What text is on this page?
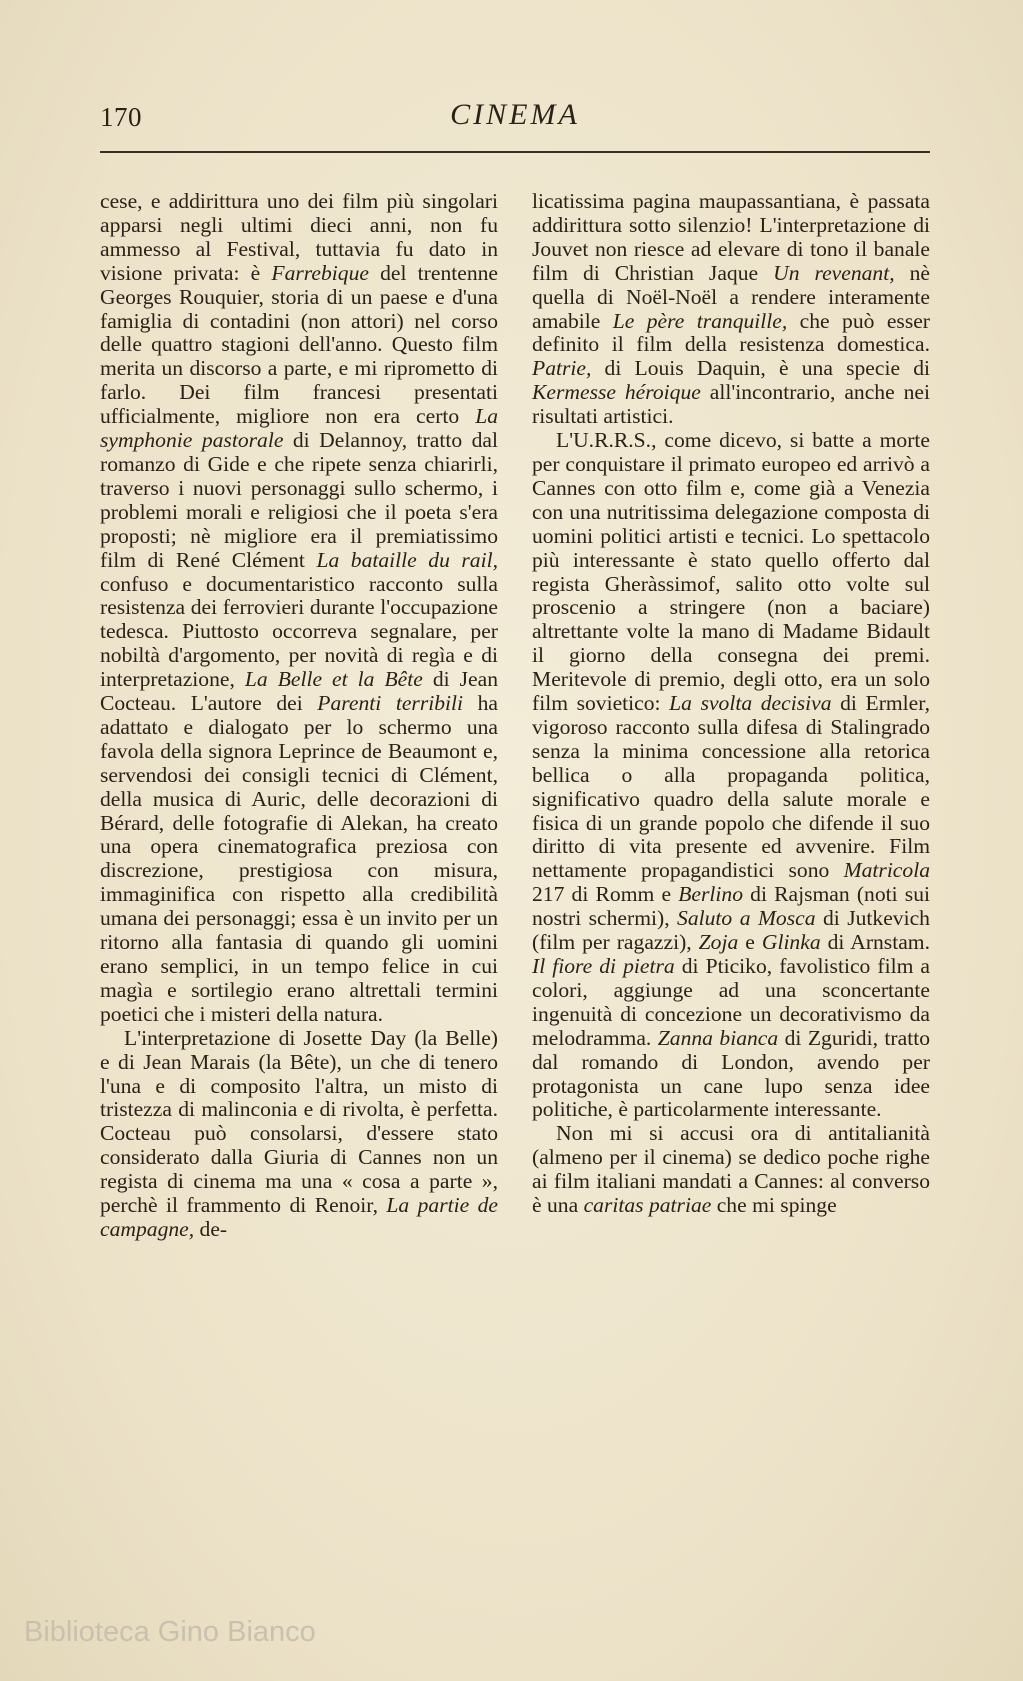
170	CINEMA

cese, e addirittura uno dei film più singolari apparsi negli ultimi dieci anni, non fu ammesso al Festival, tuttavia fu dato in visione privata: è Farrebique del trentenne Georges Rouquier, storia di un paese e d'una famiglia di contadini (non attori) nel corso delle quattro stagioni dell'anno. Questo film merita un discorso a parte, e mi riprometto di farlo. Dei film francesi presentati ufficialmente, migliore non era certo La symphonie pastorale di Delannoy, tratto dal romanzo di Gide e che ripete senza chiarirli, traverso i nuovi personaggi sullo schermo, i problemi morali e religiosi che il poeta s'era proposti; nè migliore era il premiatissimo film di René Clément La bataille du rail, confuso e documentaristico racconto sulla resistenza dei ferrovieri durante l'occupazione tedesca. Piuttosto occorreva segnalare, per nobiltà d'argomento, per novità di regìa e di interpretazione, La Belle et la Bête di Jean Cocteau. L'autore dei Parenti terribili ha adattato e dialogato per lo schermo una favola della signora Leprince de Beaumont e, servendosi dei consigli tecnici di Clément, della musica di Auric, delle decorazioni di Bérard, delle fotografie di Alekan, ha creato una opera cinematografica preziosa con discrezione, prestigiosa con misura, immaginifica con rispetto alla credibilità umana dei personaggi; essa è un invito per un ritorno alla fantasia di quando gli uomini erano semplici, in un tempo felice in cui magìa e sortilegio erano altrettali termini poetici che i misteri della natura.

L'interpretazione di Josette Day (la Belle) e di Jean Marais (la Bête), un che di tenero l'una e di composito l'altra, un misto di tristezza di malinconia e di rivolta, è perfetta. Cocteau può consolarsi, d'essere stato considerato dalla Giuria di Cannes non un regista di cinema ma una « cosa a parte », perchè il frammento di Renoir, La partie de campagne, de-

licatissima pagina maupassantiana, è passata addirittura sotto silenzio! L'interpretazione di Jouvet non riesce ad elevare di tono il banale film di Christian Jaque Un revenant, nè quella di Noël-Noël a rendere interamente amabile Le père tranquille, che può esser definito il film della resistenza domestica. Patrie, di Louis Daquin, è una specie di Kermesse héroique all'incontrario, anche nei risultati artistici.

L'U.R.R.S., come dicevo, si batte a morte per conquistare il primato europeo ed arrivò a Cannes con otto film e, come già a Venezia con una nutritissima delegazione composta di uomini politici artisti e tecnici. Lo spettacolo più interessante è stato quello offerto dal regista Gheràssimof, salito otto volte sul proscenio a stringere (non a baciare) altrettante volte la mano di Madame Bidault il giorno della consegna dei premi. Meritevole di premio, degli otto, era un solo film sovietico: La svolta decisiva di Ermler, vigoroso racconto sulla difesa di Stalingrado senza la minima concessione alla retorica bellica o alla propaganda politica, significativo quadro della salute morale e fisica di un grande popolo che difende il suo diritto di vita presente ed avvenire. Film nettamente propagandistici sono Matricola 217 di Romm e Berlino di Rajsman (noti sui nostri schermi), Saluto a Mosca di Jutkevich (film per ragazzi), Zoja e Glinka di Arnstam. Il fiore di pietra di Pticiko, favolistico film a colori, aggiunge ad una sconcertante ingenuità di concezione un decorativismo da melodramma. Zanna bianca di Zguridi, tratto dal romando di London, avendo per protagonista un cane lupo senza idee politiche, è particolarmente interessante.

Non mi si accusi ora di antitalianità (almeno per il cinema) se dedico poche righe ai film italiani mandati a Cannes: al converso è una caritas patriae che mi spinge

Biblioteca Gino Bianco
